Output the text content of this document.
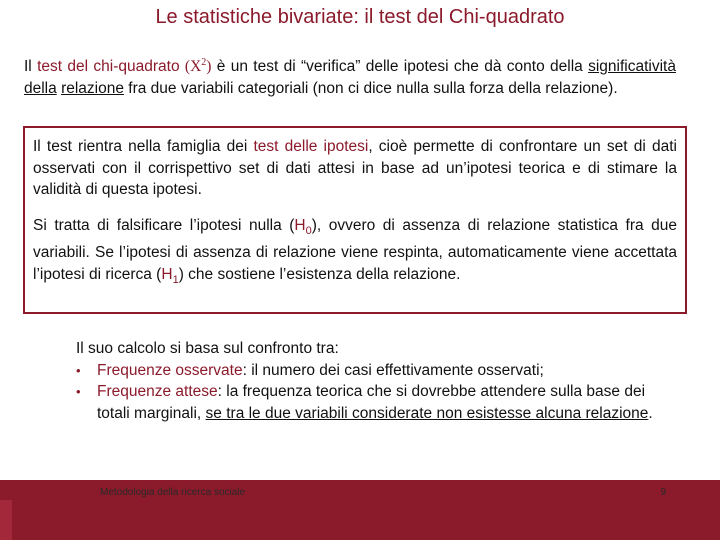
Le statistiche bivariate: il test del Chi-quadrato
Il test del chi-quadrato $(X^2)$ è un test di “verifica” delle ipotesi che dà conto della significatività della relazione fra due variabili categoriali (non ci dice nulla sulla forza della relazione).

Il test rientra nella famiglia dei test delle ipotesi, cioè permette di confrontare un set di dati osservati con il corrispettivo set di dati attesi in base ad un’ipotesi teorica e di stimare la validità di questa ipotesi.

Si tratta di falsificare l’ipotesi nulla $(H_0)$, ovvero di assenza di relazione statistica fra due variabili. Se l’ipotesi di assenza di relazione viene respinta, automaticamente viene accettata l’ipotesi di ricerca $(H_1)$ che sostiene l’esistenza della relazione.

Il suo calcolo si basa sul confronto tra:
• Frequenze osservate: il numero dei casi effettivamente osservati;
• Frequenze attese: la frequenza teorica che si dovrebbe attendere sulla base dei totali marginali, se tra le due variabili considerate non esistesse alcuna relazione.
Metodologia della ricerca sociale	9
